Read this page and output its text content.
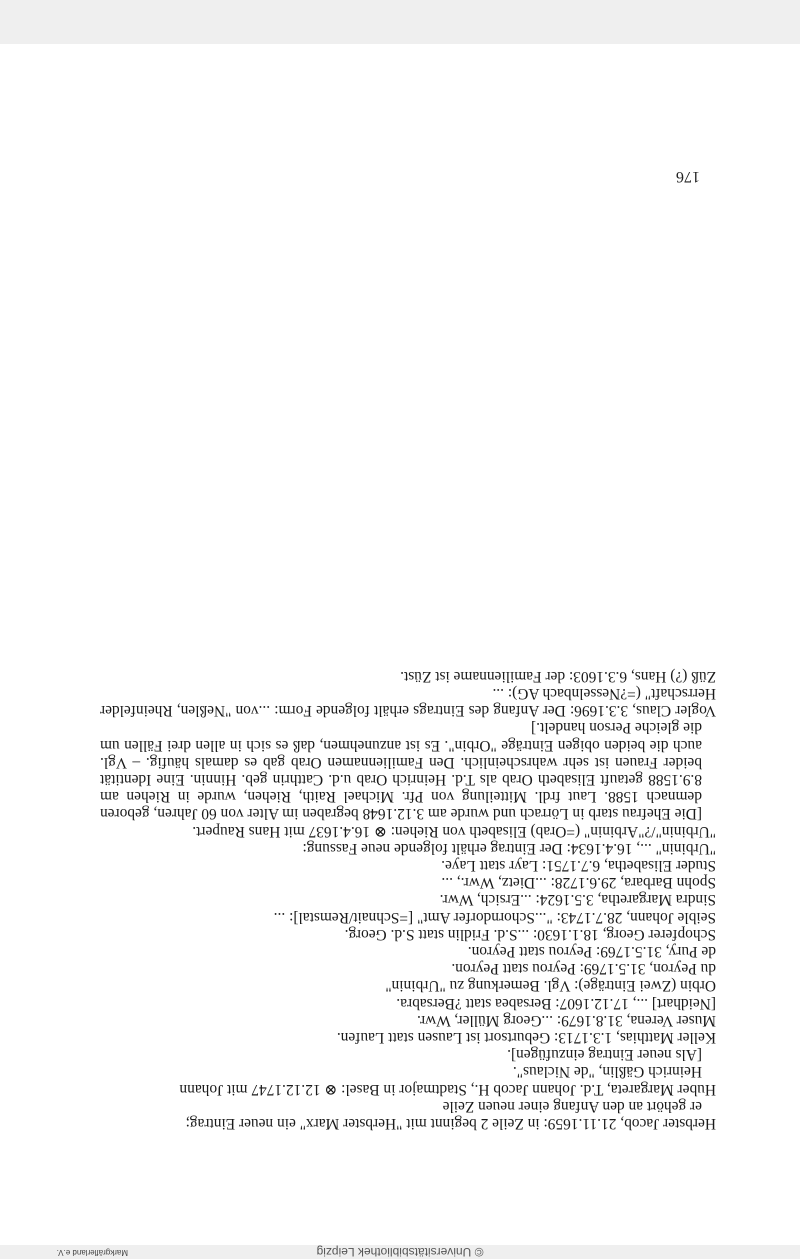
© Universitätsbibliothek Leipzig
Markgräflerland e.V.
176

Herbster Jacob, 21.11.1659: in Zeile 2 beginnt mit "Herbster Marx" ein neuer Eintrag;

er gehört an den Anfang einer neuen Zeile

Huber Margareta, T.d. Johann Jacob H., Stadtmajor in Basel: ⊗ 12.12.1747 mit Johann

Heinrich Gäßlin, "de Niclaus".

[Als neuer Eintrag einzufügen].

Keller Matthias, 1.3.1713: Geburtsort ist Lausen statt Laufen.

Muser Verena, 31.8.1679: ...Georg Müller, Wwr.

[Neidhart] ..., 17.12.1607: Bersabea statt ?Bersabra.

Orbin (Zwei Einträge): Vgl. Bemerkung zu "Urbinin"

du Peyron, 31.5.1769: Peyrou statt Peyron.

de Pury, 31.5.1769: Peyrou statt Peyron.

Schopferer Georg, 18.1.1630: ...S.d. Fridlin statt S.d. Georg.

Seible Johann, 28.7.1743: "...Schorndorfer Amt" [=Schnait/Remstal]: ...

Sindra Margaretha, 3.5.1624: ...Ersich, Wwr.

Spohn Barbara, 29.6.1728: ...Dietz, Wwr., ...

Studer Elisabetha, 6.7.1751: Layr statt Laye.

"Urbinin" ..., 16.4.1634: Der Eintrag erhält folgende neue Fassung:

"Urbinin"/?"Arbinin" (=Orab) Elisabeth von Riehen: ⊗ 16.4.1637 mit Hans Raupert.

[Die Ehefrau starb in Lörrach und wurde am 3.12.1648 begraben im Alter von 60 Jahren, geboren demnach 1588. Laut frdl. Mitteilung von Pfr. Michael Raith, Riehen, wurde in Riehen am 8.9.1588 getauft Elisabeth Orab als T.d. Heinrich Orab u.d. Catthrin geb. Hinnin. Eine Identität beider Frauen ist sehr wahrscheinlich. Den Familiennamen Orab gab es damals häufig. – Vgl. auch die beiden obigen Einträge "Orbin". Es ist anzunehmen, daß es sich in allen drei Fällen um die gleiche Person handelt.]

Vogler Claus, 3.3.1696: Der Anfang des Eintrags erhält folgende Form: ...von "Neßlen, Rheinfelder Herrschaft" (=?Nesselnbach AG): ...

Züß (?) Hans, 6.3.1603: der Familienname ist Züst.
